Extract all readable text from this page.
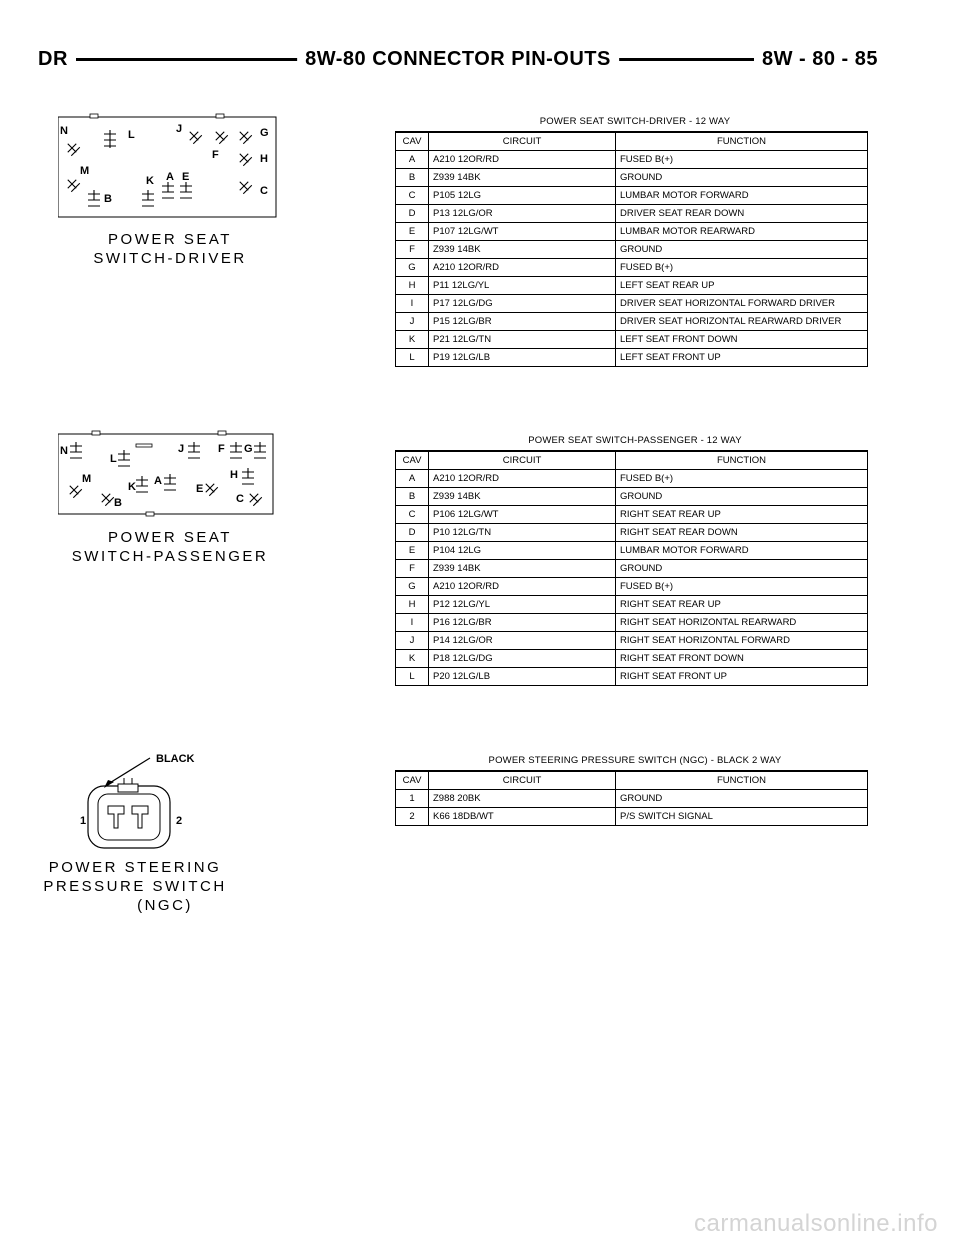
DR	8W-80 CONNECTOR PIN-OUTS	8W - 80 - 85
N	L	J	G
F	H
M
K A E
B
C
POWER SEAT
SWITCH-DRIVER
POWER SEAT SWITCH-DRIVER - 12 WAY
CAV	CIRCUIT	FUNCTION
A	A210 12OR/RD	FUSED B(+)
B	Z939 14BK	GROUND
C	P105 12LG	LUMBAR MOTOR FORWARD
D	P13 12LG/OR	DRIVER SEAT REAR DOWN
E	P107 12LG/WT	LUMBAR MOTOR REARWARD
F	Z939 14BK	GROUND
G	A210 12OR/RD	FUSED B(+)
H	P11 12LG/YL	LEFT SEAT REAR UP
I	P17 12LG/DG	DRIVER SEAT HORIZONTAL FORWARD DRIVER
J	P15 12LG/BR	DRIVER SEAT HORIZONTAL REARWARD DRIVER
K	P21 12LG/TN	LEFT SEAT FRONT DOWN
L	P19 12LG/LB	LEFT SEAT FRONT UP
N
L
J	F G
H
M
K A
E
B	C
POWER SEAT
SWITCH-PASSENGER
POWER SEAT SWITCH-PASSENGER - 12 WAY
CAV	CIRCUIT	FUNCTION
A	A210 12OR/RD	FUSED B(+)
B	Z939 14BK	GROUND
C	P106 12LG/WT	RIGHT SEAT REAR UP
D	P10 12LG/TN	RIGHT SEAT REAR DOWN
E	P104 12LG	LUMBAR MOTOR FORWARD
F	Z939 14BK	GROUND
G	A210 12OR/RD	FUSED B(+)
H	P12 12LG/YL	RIGHT SEAT REAR UP
I	P16 12LG/BR	RIGHT SEAT HORIZONTAL REARWARD
J	P14 12LG/OR	RIGHT SEAT HORIZONTAL FORWARD
K	P18 12LG/DG	RIGHT SEAT FRONT DOWN
L	P20 12LG/LB	RIGHT SEAT FRONT UP
BLACK
1	2
POWER STEERING
PRESSURE SWITCH
(NGC)
POWER STEERING PRESSURE SWITCH (NGC) - BLACK 2 WAY
CAV	CIRCUIT	FUNCTION
1	Z988 20BK	GROUND
2	K66 18DB/WT	P/S SWITCH SIGNAL
carmanualsonline.info
